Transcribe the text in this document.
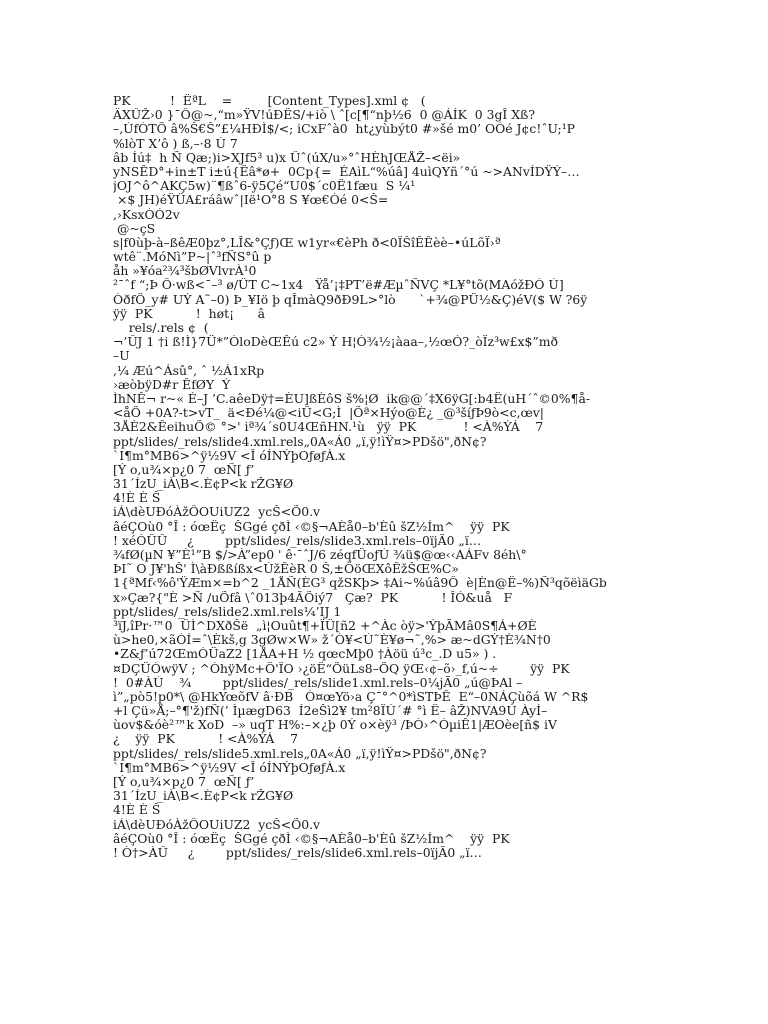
PK          !  ËªL    =         [Content_Types].xml ¢   (
ÄXÛŽ›0 }¯Ô@~,“m»ŸV!úÐËS/+iò \ ˆ[c[¶“nþ½6  0 @ÁÍK  0 3gÎ Xß?
–,ÚfÒTÕ â%Š€Š”£¼HÐÌ$/<; iCxFˆà0  ht¿yùbýt0 #»šé m0’ OÓé J¢c!ˆU;¹P
%lòT X’ô ) ß,–·8 Ù 7
âb Íú‡  h Ñ Qæ;)i>XJf5³ u)x Ûˆ(úX/u»°ˆHÈhJŒÅŽ–<ëi»
yNSÊD°+in±T i±ú{Ëâ*ø+  0Cp{=  ÉAìL“%úâ] 4uìQYñ´°ú ~>ANvÍDŸÝ–…
jOJ^ô^AKÇ5w)¨¶ßˆ6-ÿ5Çé“U0$´c0Ë1fæu  S ¼¹
×$ JH)éŸÜA£ráâwˆ|Ië¹O°8 S ¥œ€Òé 0<Š=
,›KsxÒÓ2v
@~çS
s|f0ùþ-à–ßêÆ0þz°,LÎ&°Çƒ)Œ w1yr«€èPh ð<0ÏŠîÊÊèè–•úLõÏ›ª
wtê¨.MóNì”P~|ˆ³fÑS°û p
åh »¥óa²¾³šbØVlvrÀ¹0
²¯ˆf “;Þ Ô·wß<¯–³ ø/ÜT C~1x4   Ÿå’¡‡PT’ë#ÆµˆÑVÇ *L¥°tõ(MAóžÐÒ Ú]
ÒðfÖ_y# UÝ A˜–0) Þ_¥Iö þ qÎmàQ9ðÐ9L>°lò      `+¾@PÜ½&Ç)éV($ W ?6ÿ
ÿÿ  PK           !  høt¡      â
rels/.rels ¢  (
¬’ÛJ 1 †i ß!Ì}7Ü*”ÒloDèŒÊú c2» Ý H¦Ò¾½¡àaa–,½œÓ?_òÏz³w£x$”mð
–U
,¼ Æú^Ásû°, ˆ ½Á1xRp
›æòbÿD#r ÊfØY  Ý
ÌhNÊ¬ r~« É–J ’C.aêeDÿ†=ÈU]ßÈôS š%¦Ø  ik@@´‡X6ÿG[:b4Ë(uH´ˆ©0%¶å-
<åÕ +0A?-t>vT_  ä<Ðé¼@<iÜ<G;Ì  |Õª×Hýo@È¿ _@³šíƒÞ9ò<c,œv|
3ÅÈ2&ÊeihuÕ© °>' iª¾´s0U4ŒñHN.¹ù   ÿÿ  PK            ! <À%ÝÁ    7
ppt/slides/_rels/slide4.xml.rels„0A«Á0 „ï,ÿ!ìŸ¤>PDšö",ðN¢?
`I¶m°MB6>^ÿ½9V <Î óÍNÝþOƒøƒÀ.x
[Ý o,u¾×p¿0 7  œÑ[ ƒ’
31´ÍzU_iÀ\B<.È¢P<k rŽG¥Ø
4!È È Š
iÁ\dèUÐóÀžÔOUiUZ2  ycŠ<Õ0.v
âéÇOù0 °Î : óœËç  ŠGgé çðÌ ‹©§¬AÈå0–b'Èû šZ½Ím^    ÿÿ  PK
! xéÒÜÛ     ¿        ppt/slides/_rels/slide3.xml.rels–0ïjÃ0 „ï…
¾fØ(µN ¥”È¹”B $/>À”ep0 ' ê·¯ˆJ/6 zéqfÜoƒÙ ¾ü$@œ‹‹AÁFv 8éh\°
ÞI˜ O J¥'hŠ' Ì\àÐßßíßx<ÚžÊèR 0 Š,±ÔöŒXôÊžŠŒ%C»
1{ªMf‹%ô'ŸÆm×=b^2 _1ÅÑ(ÈG³ qžSKþ> ‡Ai~%úâ9Ô  è|Èn@Ë–%)Ñ³qõëìäGb
x»Çæ?{"È >Ñ /uÕfâ \ˆ013þ4ÃÕiý7   Çæ?  PK           ! ÎÓ&uå   F
ppt/slides/_rels/slide2.xml.rels¼’IJ 1
³ïJ,îPr·™0  ÜÌ^DXðŠë  „ì¦Ouût¶+ÏÜ[ñ2 +^Àc òÿ>'ÝþÃMâ0S¶Á+ØÈ
ù>he0,×ãÓÍ=ˆ\Èkš,g 3gØw×W» ž´Ò¥<Ú˜È¥ø¬˜,%> æ~dGÝ†È¾N†0
•Z&ƒ’ú72ŒmÓÜaZ2 [1ÅA+H ½ qœcMþ0 †Àöü ú³c_.D u5» ) .
¤DÇÜÒwÿV ; ^ÒhÿMc+Ö'ÏO ›¿öË“ÕüLs8–ÕQ ÿŒ‹¢–õ›_f,ú~÷        ÿÿ  PK
!  0#ÀÙ    ¾        ppt/slides/_rels/slide1.xml.rels–0¼jÃ0 „ú@ÞAl –
ì”„pò5!p0*\ @HkYœõfV â·ÐB   Ò¤œYö›a Ç¯°^0*ìSTÞÊ  E“–0NÁÇùõá W ^R$
+l Çü»Å;–°¶'ž)fÑ(’ ÌµægD63  Í2eŠì2¥ tm²8ÏÚ´# °ì Ë– âŽ)NVA9Ú ÀyÍ–
ùov$&óè²™k XoD  –» uqT H%:–×¿þ 0Ý o×èÿ³ /ÞÒ›^ÒµiÊ1|ÆOèe[ñ$ iV
¿    ÿÿ  PK           ! <À%ÝÁ    7
ppt/slides/_rels/slide5.xml.rels„0A«Á0 „ï,ÿ!ìŸ¤>PDšö",ðN¢?
`I¶m°MB6>^ÿ½9V <Î óÍNÝþOƒøƒÀ.x
[Ý o,u¾×p¿0 7  œÑ[ ƒ’
31´ÍzU_iÀ\B<.È¢P<k rŽG¥Ø
4!È È Š
iÁ\dèUÐóÀžÔOUiUZ2  ycŠ<Õ0.v
âéÇOù0 °Î : óœËç  ŠGgé çðÌ ‹©§¬AÈå0–b'Èû šZ½Ím^    ÿÿ  PK
! Ò†>ÀÛ     ¿        ppt/slides/_rels/slide6.xml.rels–0ïjÃ0 „ï…
